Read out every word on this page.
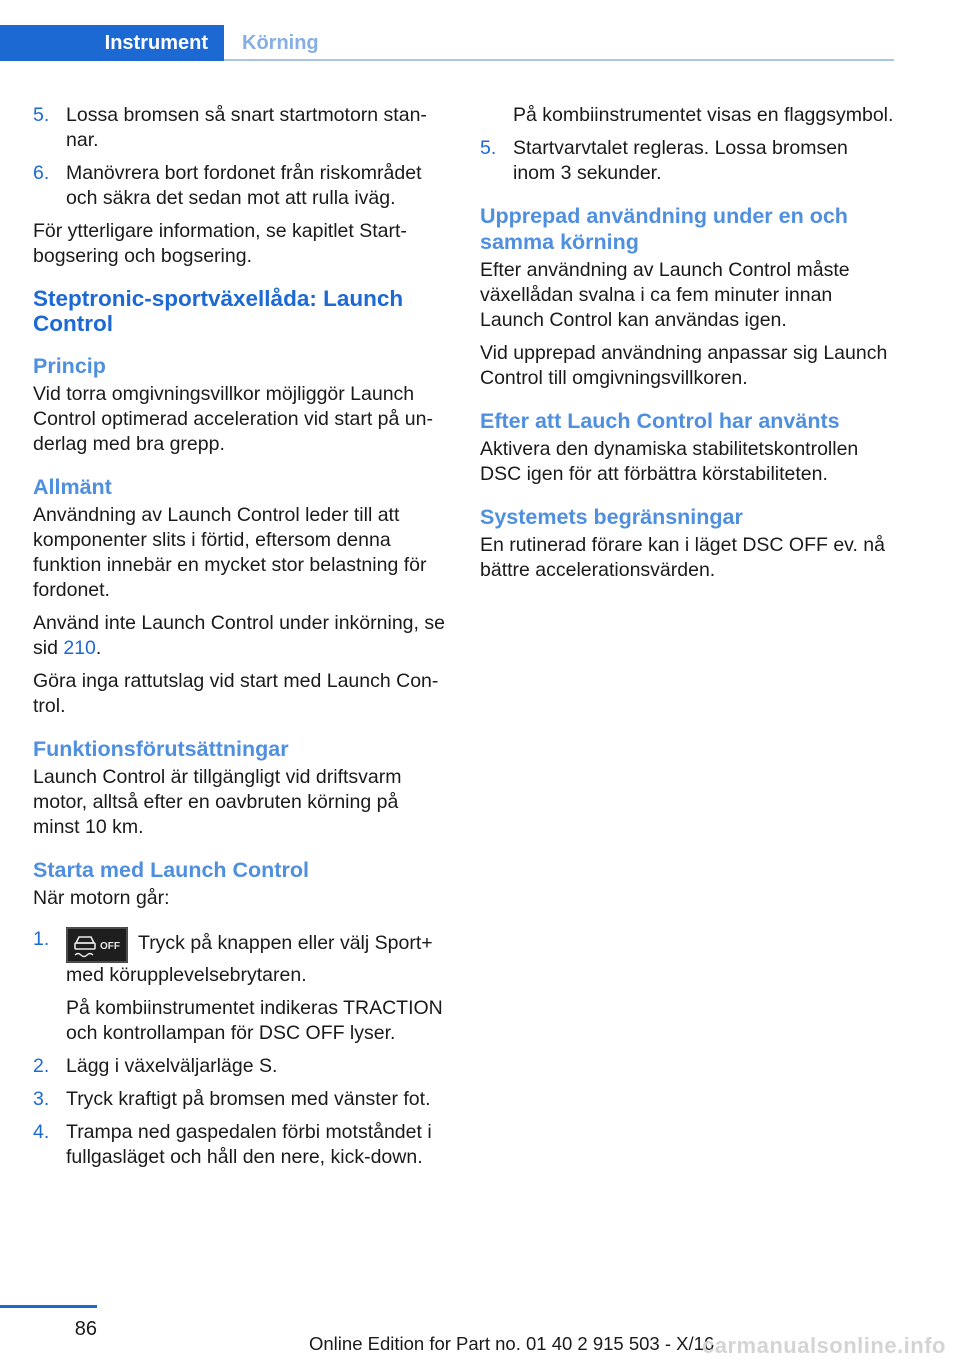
Instrument Körning
5. Lossa bromsen så snart startmotorn stannar.
6. Manövrera bort fordonet från riskområdet och säkra det sedan mot att rulla iväg.
För ytterligare information, se kapitlet Startbogsering och bogsering.
Steptronic-sportväxellåda: Launch Control
Princip
Vid torra omgivningsvillkor möjliggör Launch Control optimerad acceleration vid start på underlag med bra grepp.
Allmänt
Användning av Launch Control leder till att komponenter slits i förtid, eftersom denna funktion innebär en mycket stor belastning för fordonet.
Använd inte Launch Control under inkörning, se sid 210.
Göra inga rattutslag vid start med Launch Control.
Funktionsförutsättningar
Launch Control är tillgängligt vid driftsvarm motor, alltså efter en oavbruten körning på minst 10 km.
Starta med Launch Control
När motorn går:
1.	OFF Tryck på knappen eller välj Sport+ med körupplevelsebrytaren.
På kombiinstrumentet indikeras TRACTION och kontrollampan för DSC OFF lyser.
2. Lägg i växelväljarläge S.
3. Tryck kraftigt på bromsen med vänster fot.
4. Trampa ned gaspedalen förbi motståndet i fullgasläget och håll den nere, kick-down.
På kombiinstrumentet visas en flaggsymbol.
5. Startvarvtalet regleras. Lossa bromsen inom 3 sekunder.
Upprepad användning under en och samma körning
Efter användning av Launch Control måste växellådan svalna i ca fem minuter innan Launch Control kan användas igen.
Vid upprepad användning anpassar sig Launch Control till omgivningsvillkoren.
Efter att Lauch Control har använts
Aktivera den dynamiska stabilitetskontrollen DSC igen för att förbättra körstabiliteten.
Systemets begränsningar
En rutinerad förare kan i läget DSC OFF ev. nå bättre accelerationsvärden.
86
Online Edition for Part no. 01 40 2 915 503 - X/16
carmanualsonline.info
